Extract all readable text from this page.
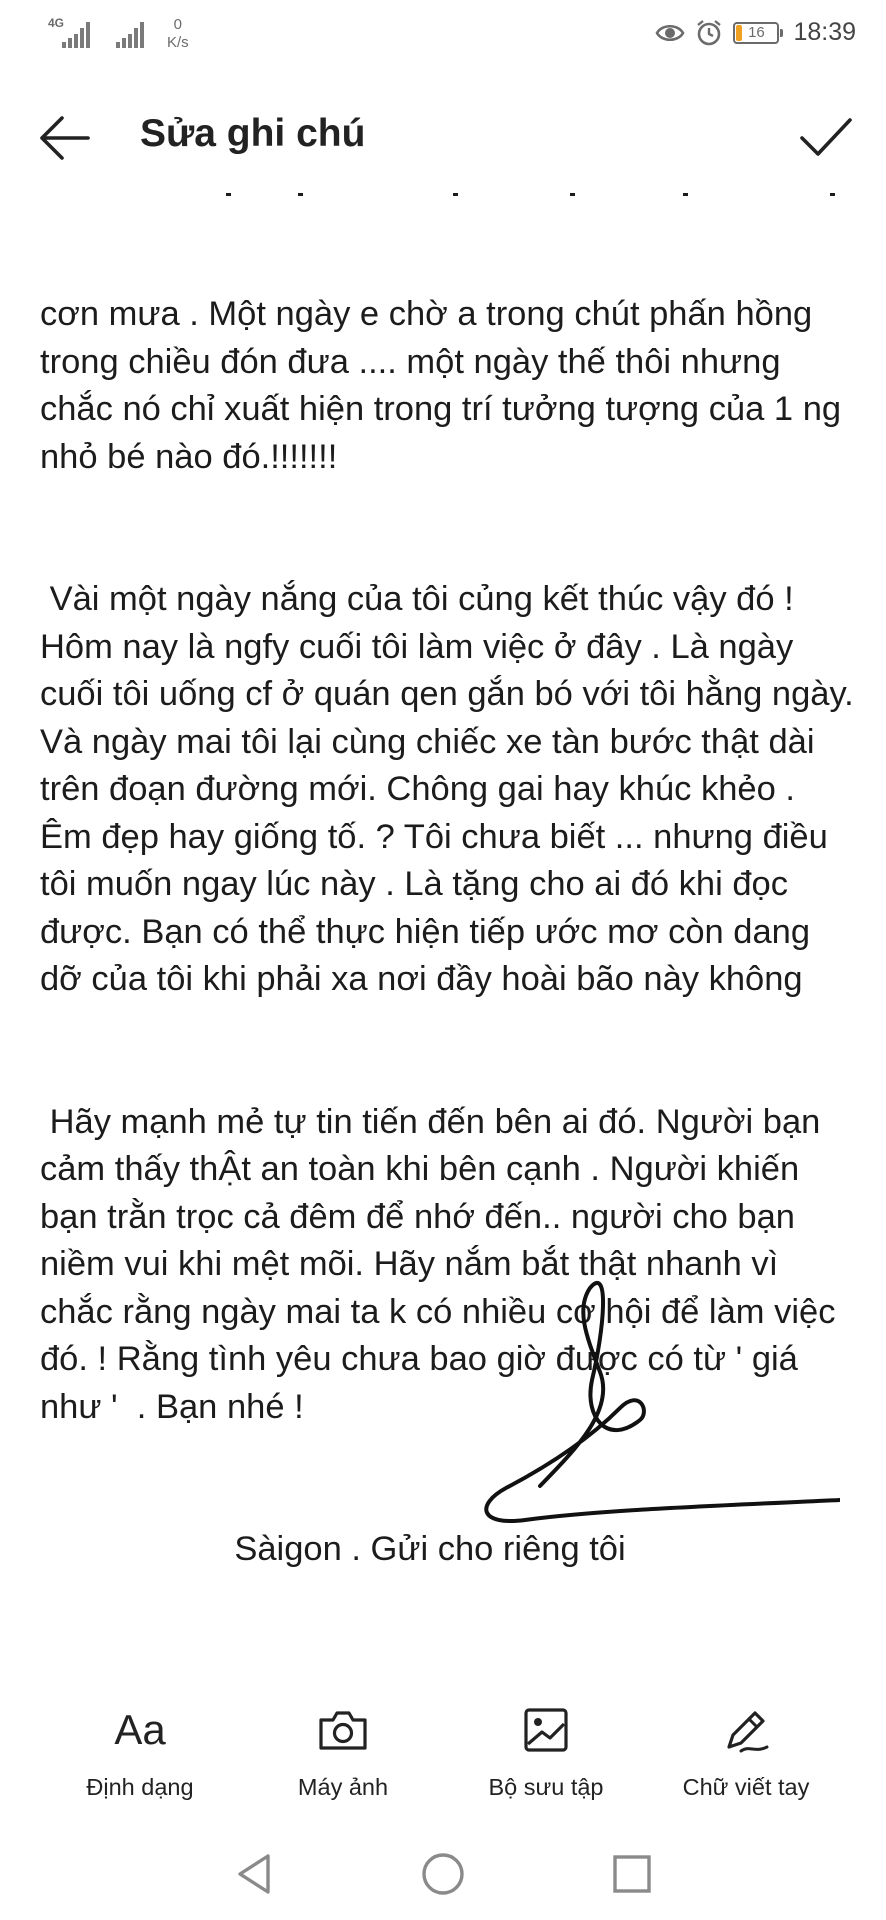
4G	0
K/s
16	18:39
Sửa ghi chú

cơn mưa . Một ngày e chờ a trong chút phấn hồng trong chiều đón đưa .... một ngày thế thôi nhưng chắc nó chỉ xuất hiện trong trí tưởng tượng của 1 ng nhỏ bé nào đó.!!!!!!!

Vài một ngày nắng của tôi củng kết thúc vậy đó ! Hôm nay là ngfy cuối tôi làm việc ở đây . Là ngày cuối tôi uống cf ở quán qen gắn bó với tôi hằng ngày.  Và ngày mai tôi lại cùng chiếc xe tàn bước thật dài trên đoạn đường mới. Chông gai hay khúc khẻo . Êm đẹp hay giống tố. ? Tôi chưa biết ... nhưng điều tôi muốn ngay lúc này . Là tặng cho ai đó khi đọc được. Bạn có thể thực hiện tiếp ước mơ còn dang dỡ của tôi khi phải xa nơi đầy hoài bão này không

Hãy mạnh mẻ tự tin tiến đến bên ai đó. Người bạn cảm thấy thẬt an toàn khi bên cạnh . Người khiến bạn trằn trọc cả đêm để nhớ đến.. người cho bạn niềm vui khi mệt mõi. Hãy nắm bắt thật nhanh vì chắc rằng ngày mai ta k có nhiều cơ hội để làm việc đó. ! Rằng tình yêu chưa bao giờ được có từ ' giá như '  . Bạn nhé !

Sàigon . Gửi cho riêng tôi

Aa
Định dạng	Máy ảnh	Bộ sưu tập	Chữ viết tay
